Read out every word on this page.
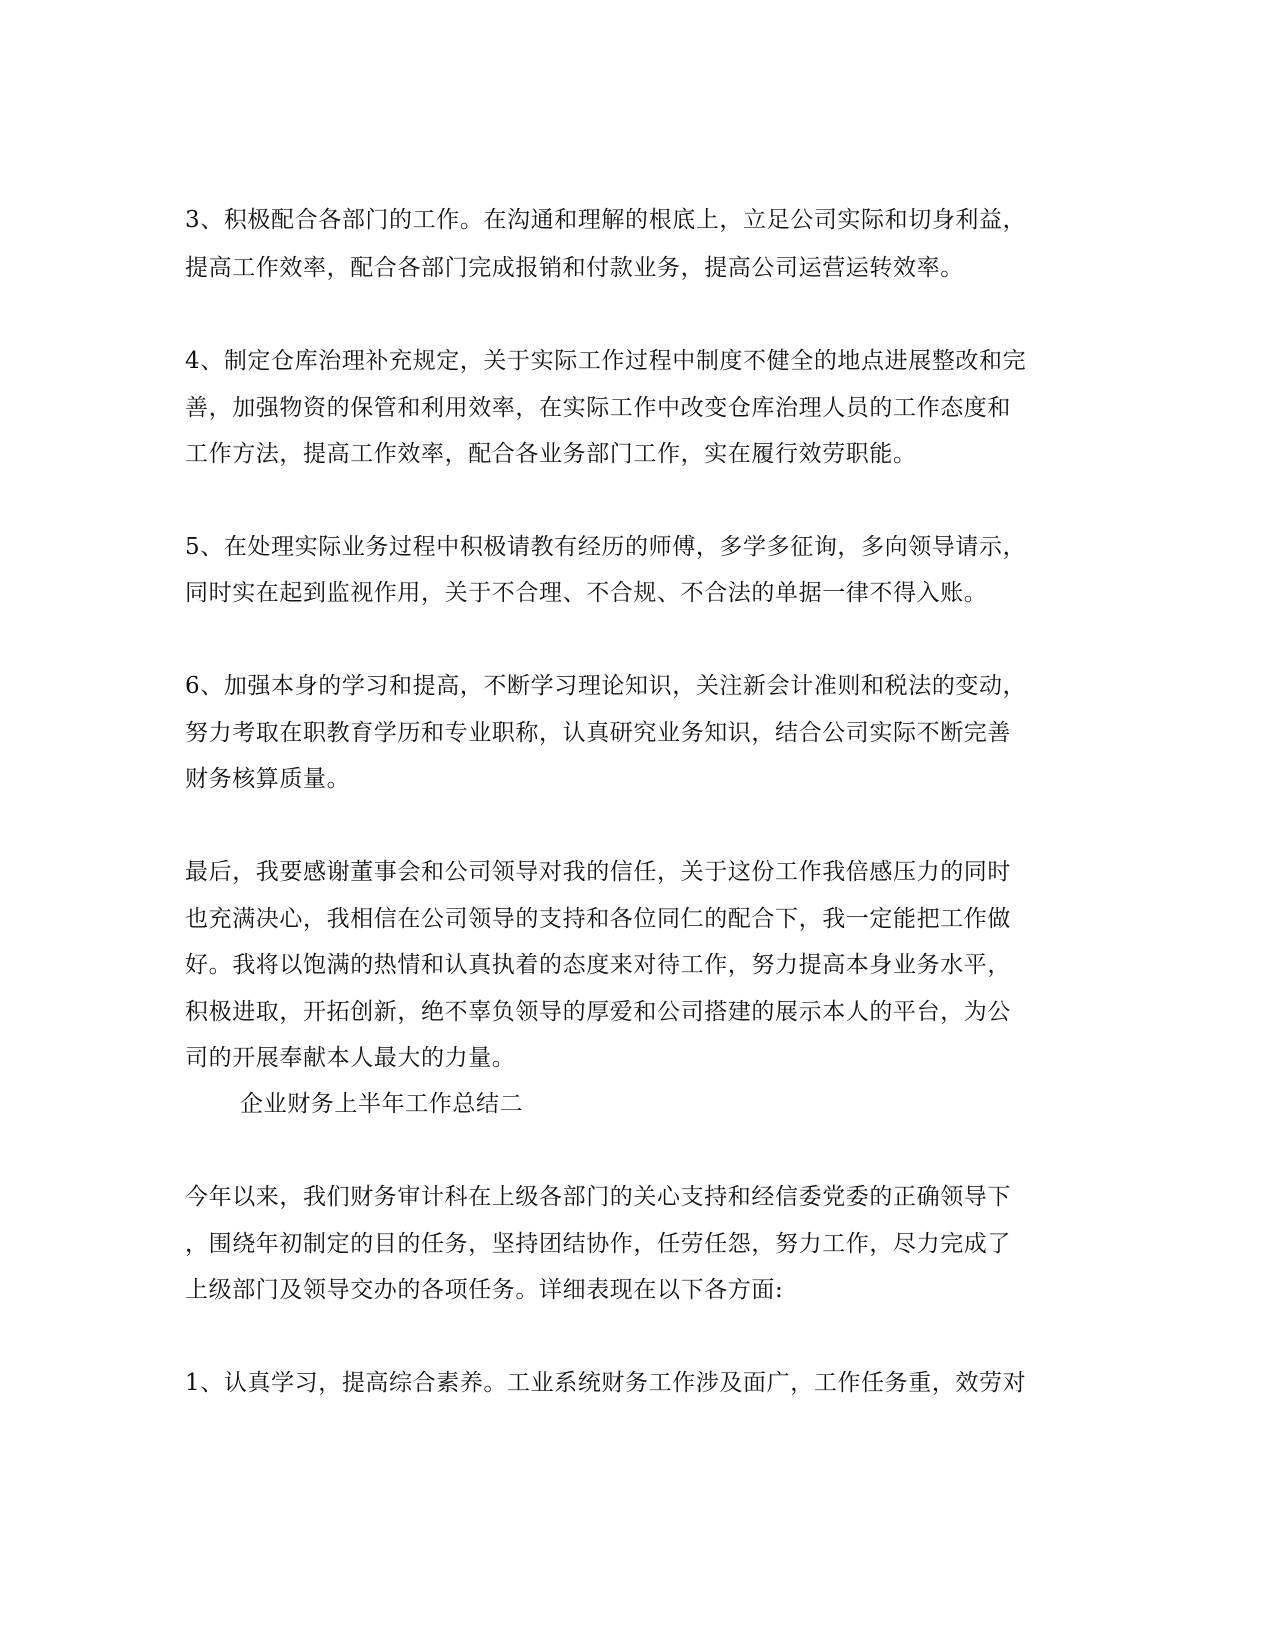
3、积极配合各部门的工作。在沟通和理解的根底上，立足公司实际和切身利益，

提高工作效率，配合各部门完成报销和付款业务，提高公司运营运转效率。

4、制定仓库治理补充规定，关于实际工作过程中制度不健全的地点进展整改和完

善，加强物资的保管和利用效率，在实际工作中改变仓库治理人员的工作态度和

工作方法，提高工作效率，配合各业务部门工作，实在履行效劳职能。

5、在处理实际业务过程中积极请教有经历的师傅，多学多征询，多向领导请示，

同时实在起到监视作用，关于不合理、不合规、不合法的单据一律不得入账。

6、加强本身的学习和提高，不断学习理论知识，关注新会计准则和税法的变动，

努力考取在职教育学历和专业职称，认真研究业务知识，结合公司实际不断完善

财务核算质量。

最后，我要感谢董事会和公司领导对我的信任，关于这份工作我倍感压力的同时

也充满决心，我相信在公司领导的支持和各位同仁的配合下，我一定能把工作做

好。我将以饱满的热情和认真执着的态度来对待工作，努力提高本身业务水平，

积极进取，开拓创新，绝不辜负领导的厚爱和公司搭建的展示本人的平台，为公

司的开展奉献本人最大的力量。

企业财务上半年工作总结二

今年以来，我们财务审计科在上级各部门的关心支持和经信委党委的正确领导下

，围绕年初制定的目的任务，坚持团结协作，任劳任怨，努力工作，尽力完成了

上级部门及领导交办的各项任务。详细表现在以下各方面:

1、认真学习，提高综合素养。工业系统财务工作涉及面广，工作任务重，效劳对
